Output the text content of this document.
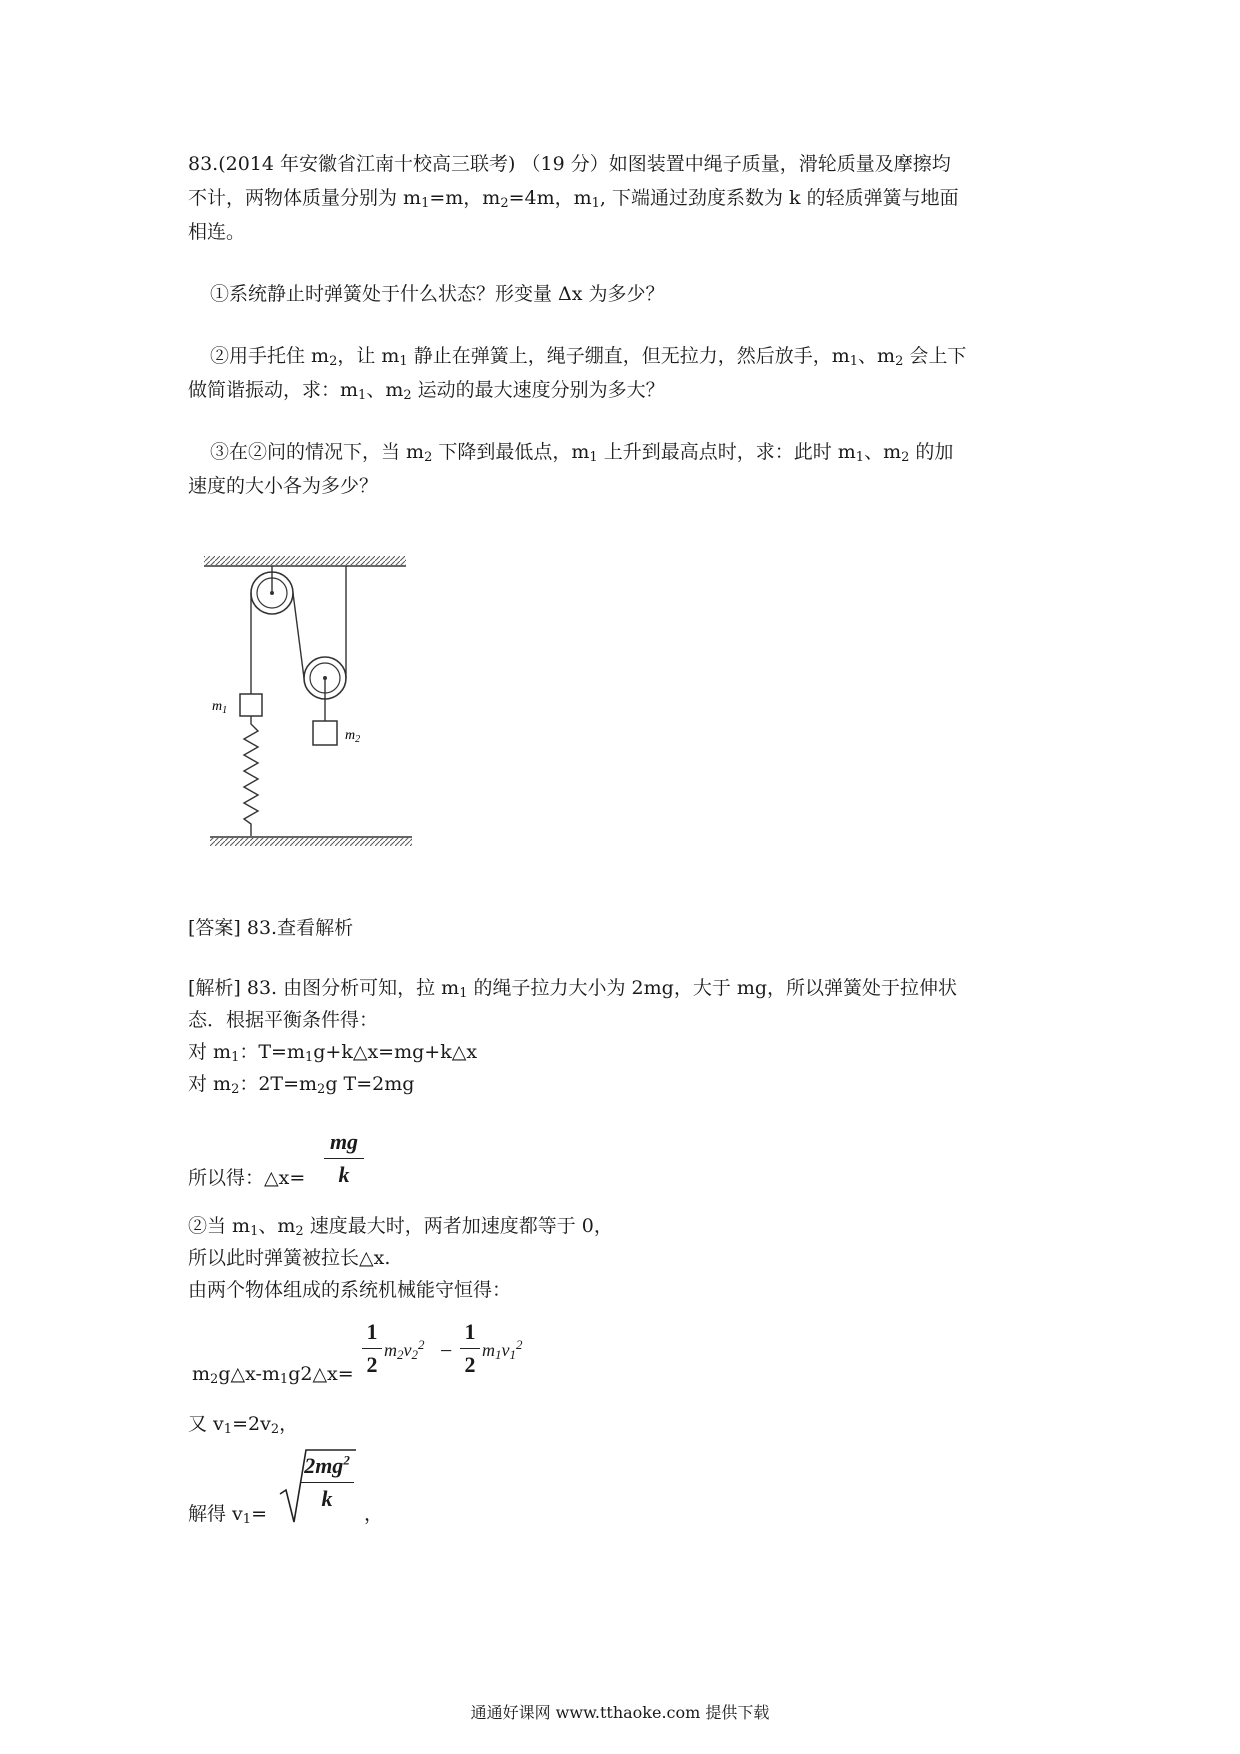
83.(2014 年安徽省江南十校高三联考) （19 分）如图装置中绳子质量，滑轮质量及摩擦均
不计，两物体质量分别为 $m_1=m$，$m_2=4m$，$m_1$, 下端通过劲度系数为 k 的轻质弹簧与地面
相连。
①系统静止时弹簧处于什么状态？形变量 Δx 为多少？
②用手托住 $m_2$，让 $m_1$ 静止在弹簧上，绳子绷直，但无拉力，然后放手，$m_1$、$m_2$ 会上下
做简谐振动，求：$m_1$、$m_2$ 运动的最大速度分别为多大？
③在②问的情况下，当 $m_2$ 下降到最低点，$m_1$ 上升到最高点时，求：此时 $m_1$、$m_2$ 的加
速度的大小各为多少？
$m_1$
$m_2$
[答案] 83.查看解析
[解析] 83. 由图分析可知，拉 $m_1$ 的绳子拉力大小为 2mg，大于 mg，所以弹簧处于拉伸状
态．根据平衡条件得：
对 $m_1$：$T=m_1g+k\triangle x=mg+k\triangle x$
对 $m_2$：$2T=m_2g$ T=2mg
所以得：△x=
mg
k
②当 $m_1$、$m_2$ 速度最大时，两者加速度都等于 0，
所以此时弹簧被拉长△x.
由两个物体组成的系统机械能守恒得：
$m_2g\triangle x-m_1g2\triangle x=$
1
2
$m_2v_2^2$ −
1
2
$m_1v_1^2$
又 $v_1=2v_2$，
解得 $v_1=$
$2mg^2$
k
，
通通好课网 www.tthaoke.com 提供下载
